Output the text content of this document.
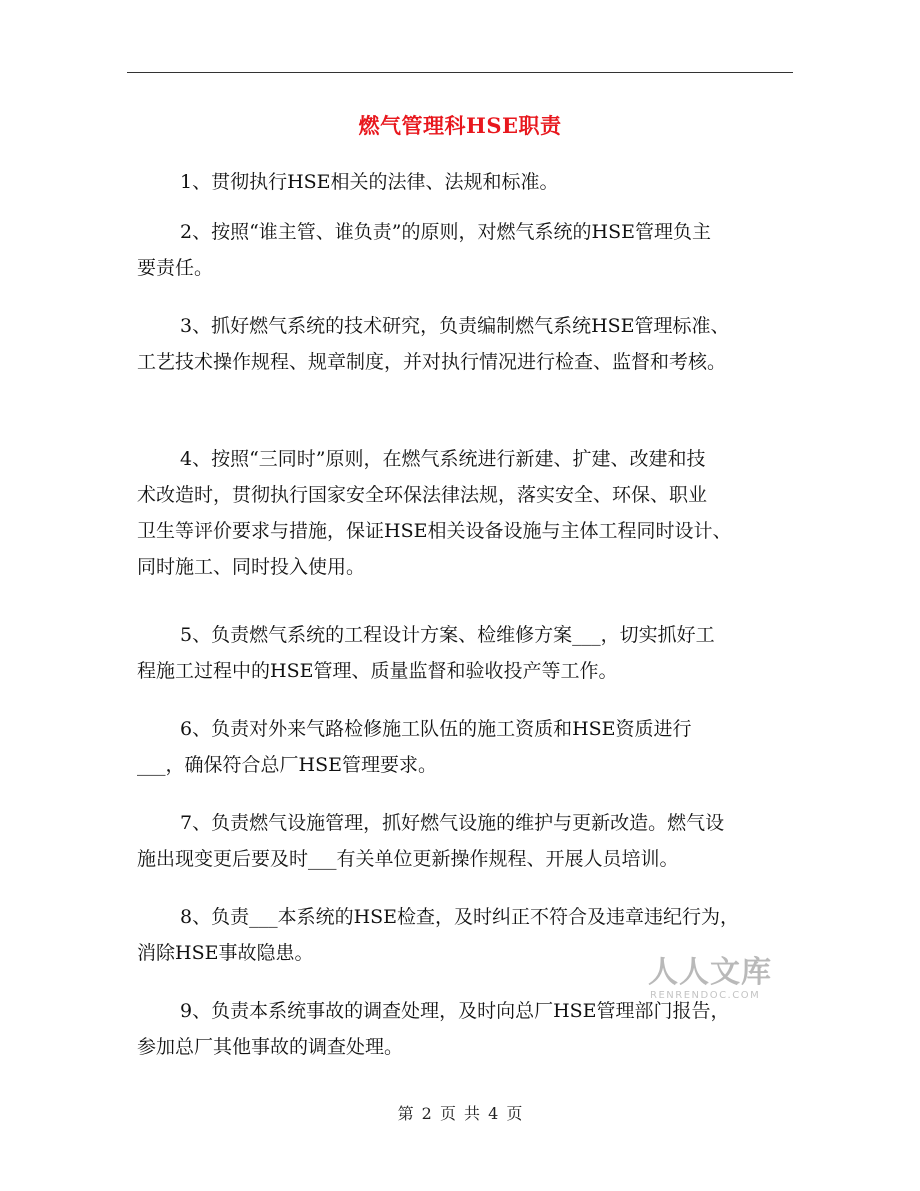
燃气管理科HSE职责

1、贯彻执行HSE相关的法律、法规和标准。

2、按照“谁主管、谁负责”的原则，对燃气系统的HSE管理负主
要责任。

3、抓好燃气系统的技术研究，负责编制燃气系统HSE管理标准、
工艺技术操作规程、规章制度，并对执行情况进行检查、监督和考核。

4、按照“三同时”原则，在燃气系统进行新建、扩建、改建和技
术改造时，贯彻执行国家安全环保法律法规，落实安全、环保、职业
卫生等评价要求与措施，保证HSE相关设备设施与主体工程同时设计、
同时施工、同时投入使用。

5、负责燃气系统的工程设计方案、检维修方案___，切实抓好工
程施工过程中的HSE管理、质量监督和验收投产等工作。

6、负责对外来气路检修施工队伍的施工资质和HSE资质进行
___，确保符合总厂HSE管理要求。

7、负责燃气设施管理，抓好燃气设施的维护与更新改造。燃气设
施出现变更后要及时___有关单位更新操作规程、开展人员培训。

8、负责___本系统的HSE检查，及时纠正不符合及违章违纪行为，
消除HSE事故隐患。

9、负责本系统事故的调查处理，及时向总厂HSE管理部门报告，
参加总厂其他事故的调查处理。

人人文库
RENRENDOC.COM
第 2 页 共 4 页
